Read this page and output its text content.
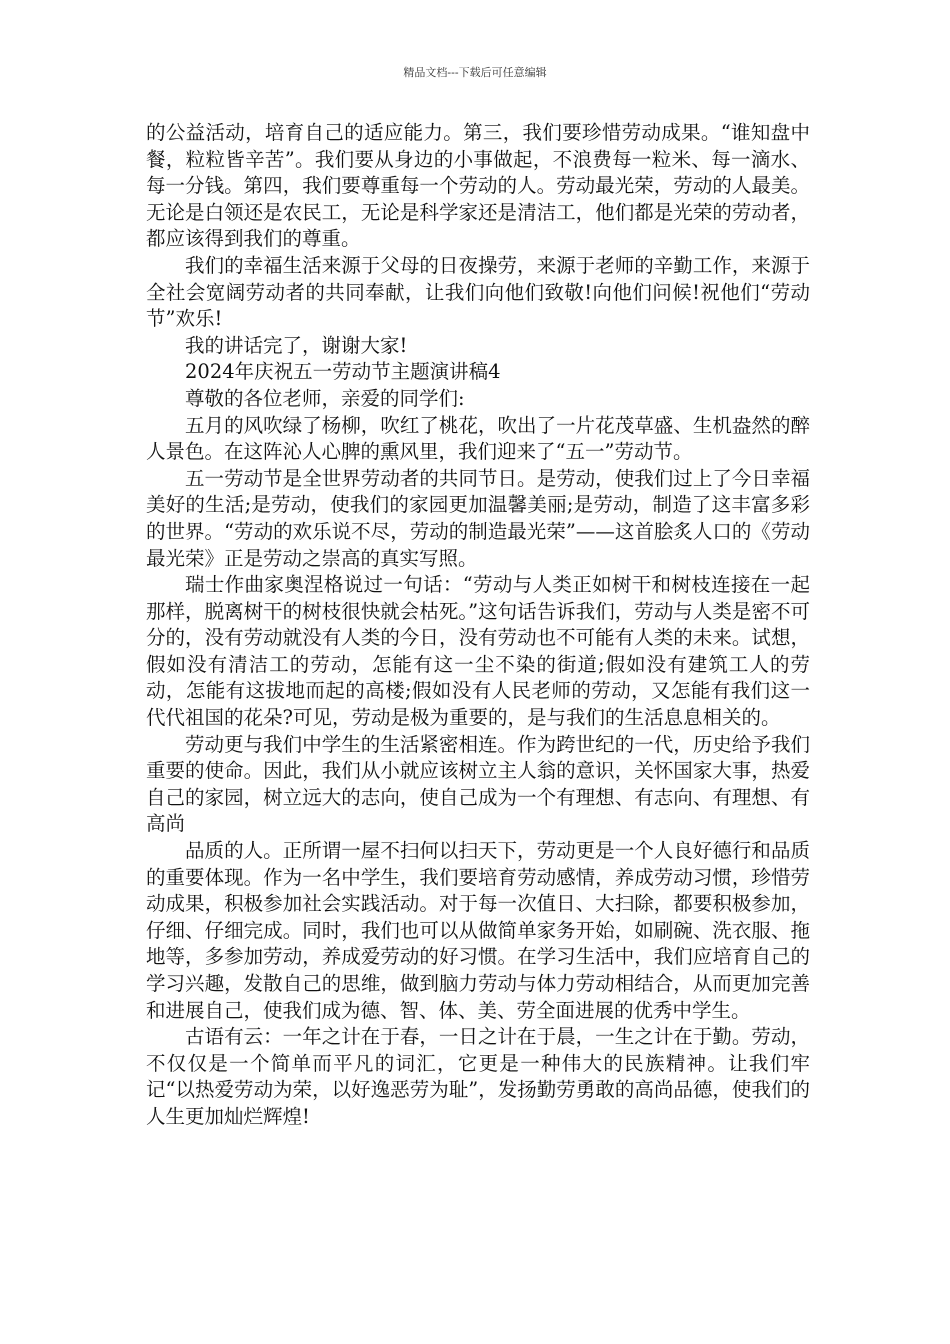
精品文档---下载后可任意编辑

的公益活动，培育自己的适应能力。第三，我们要珍惜劳动成果。“谁知盘中餐，粒粒皆辛苦”。我们要从身边的小事做起，不浪费每一粒米、每一滴水、每一分钱。第四，我们要尊重每一个劳动的人。劳动最光荣，劳动的人最美。无论是白领还是农民工，无论是科学家还是清洁工，他们都是光荣的劳动者，都应该得到我们的尊重。

我们的幸福生活来源于父母的日夜操劳，来源于老师的辛勤工作，来源于全社会宽阔劳动者的共同奉献，让我们向他们致敬!向他们问候!祝他们“劳动节”欢乐!

我的讲话完了，谢谢大家!

2024年庆祝五一劳动节主题演讲稿4

尊敬的各位老师，亲爱的同学们:

五月的风吹绿了杨柳，吹红了桃花，吹出了一片花茂草盛、生机盎然的醉人景色。在这阵沁人心脾的熏风里，我们迎来了“五一”劳动节。

五一劳动节是全世界劳动者的共同节日。是劳动，使我们过上了今日幸福美好的生活;是劳动，使我们的家园更加温馨美丽;是劳动，制造了这丰富多彩的世界。“劳动的欢乐说不尽，劳动的制造最光荣”——这首脍炙人口的《劳动最光荣》正是劳动之崇高的真实写照。

瑞士作曲家奥涅格说过一句话：“劳动与人类正如树干和树枝连接在一起那样，脱离树干的树枝很快就会枯死。”这句话告诉我们，劳动与人类是密不可分的，没有劳动就没有人类的今日，没有劳动也不可能有人类的未来。试想，假如没有清洁工的劳动，怎能有这一尘不染的街道;假如没有建筑工人的劳动，怎能有这拔地而起的高楼;假如没有人民老师的劳动，又怎能有我们这一代代祖国的花朵?可见，劳动是极为重要的，是与我们的生活息息相关的。

劳动更与我们中学生的生活紧密相连。作为跨世纪的一代，历史给予我们重要的使命。因此，我们从小就应该树立主人翁的意识，关怀国家大事，热爱自己的家园，树立远大的志向，使自己成为一个有理想、有志向、有理想、有高尚

品质的人。正所谓一屋不扫何以扫天下，劳动更是一个人良好德行和品质的重要体现。作为一名中学生，我们要培育劳动感情，养成劳动习惯，珍惜劳动成果，积极参加社会实践活动。对于每一次值日、大扫除，都要积极参加，仔细、仔细完成。同时，我们也可以从做简单家务开始，如刷碗、洗衣服、拖地等，多参加劳动，养成爱劳动的好习惯。在学习生活中，我们应培育自己的学习兴趣，发散自己的思维，做到脑力劳动与体力劳动相结合，从而更加完善和进展自己，使我们成为德、智、体、美、劳全面进展的优秀中学生。

古语有云：一年之计在于春，一日之计在于晨，一生之计在于勤。劳动，不仅仅是一个简单而平凡的词汇，它更是一种伟大的民族精神。让我们牢记“以热爱劳动为荣，以好逸恶劳为耻”，发扬勤劳勇敢的高尚品德，使我们的人生更加灿烂辉煌!
